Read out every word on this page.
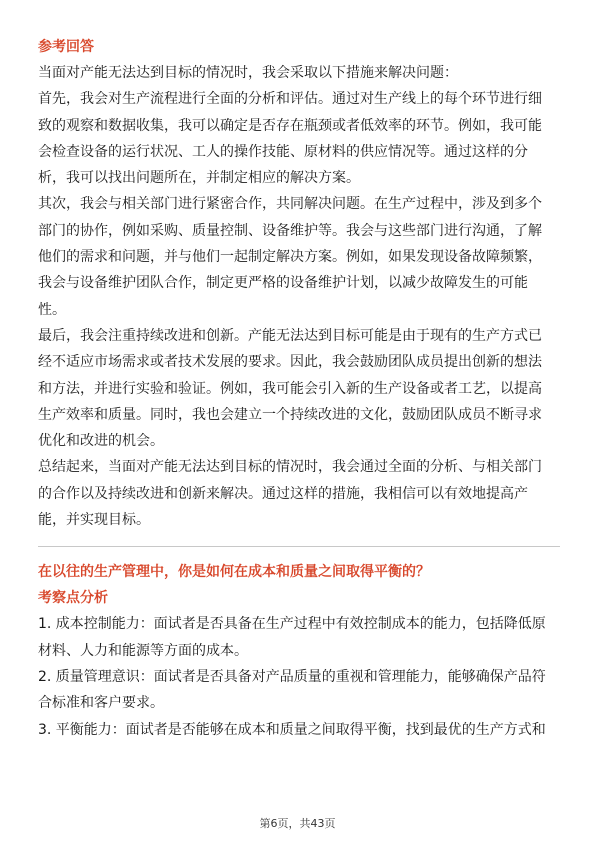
参考回答
当面对产能无法达到目标的情况时，我会采取以下措施来解决问题：
首先，我会对生产流程进行全面的分析和评估。通过对生产线上的每个环节进行细
致的观察和数据收集，我可以确定是否存在瓶颈或者低效率的环节。例如，我可能
会检查设备的运行状况、工人的操作技能、原材料的供应情况等。通过这样的分
析，我可以找出问题所在，并制定相应的解决方案。
其次，我会与相关部门进行紧密合作，共同解决问题。在生产过程中，涉及到多个
部门的协作，例如采购、质量控制、设备维护等。我会与这些部门进行沟通，了解
他们的需求和问题，并与他们一起制定解决方案。例如，如果发现设备故障频繁，
我会与设备维护团队合作，制定更严格的设备维护计划，以减少故障发生的可能
性。
最后，我会注重持续改进和创新。产能无法达到目标可能是由于现有的生产方式已
经不适应市场需求或者技术发展的要求。因此，我会鼓励团队成员提出创新的想法
和方法，并进行实验和验证。例如，我可能会引入新的生产设备或者工艺，以提高
生产效率和质量。同时，我也会建立一个持续改进的文化，鼓励团队成员不断寻求
优化和改进的机会。
总结起来，当面对产能无法达到目标的情况时，我会通过全面的分析、与相关部门
的合作以及持续改进和创新来解决。通过这样的措施，我相信可以有效地提高产
能，并实现目标。
在以往的生产管理中，你是如何在成本和质量之间取得平衡的？
考察点分析
1. 成本控制能力：面试者是否具备在生产过程中有效控制成本的能力，包括降低原
材料、人力和能源等方面的成本。
2. 质量管理意识：面试者是否具备对产品质量的重视和管理能力，能够确保产品符
合标准和客户要求。
3. 平衡能力：面试者是否能够在成本和质量之间取得平衡，找到最优的生产方式和
第6页，共43页
